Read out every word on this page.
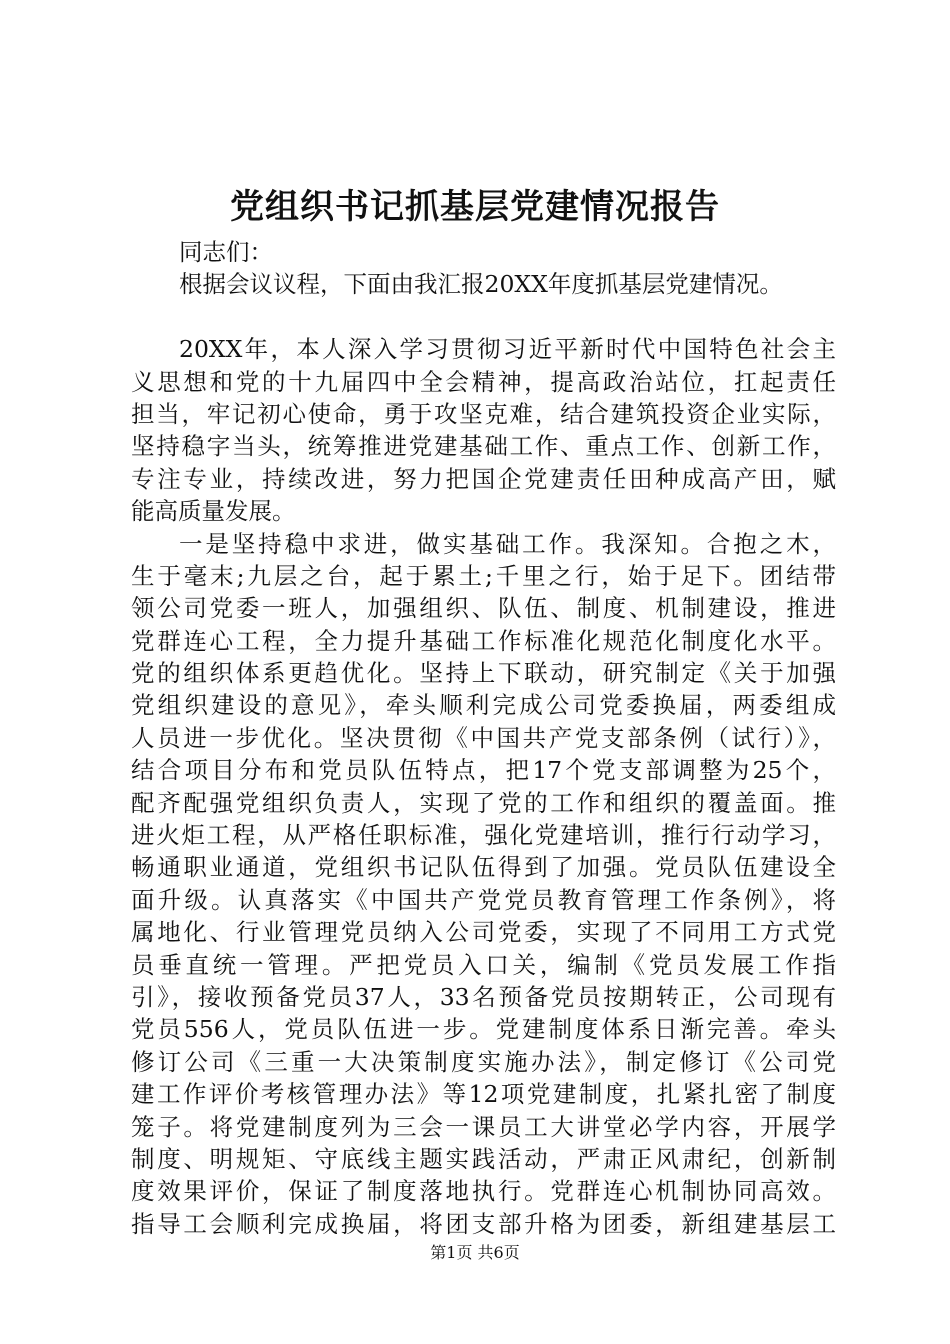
党组织书记抓基层党建情况报告
同志们：
根据会议议程，下面由我汇报20XX年度抓基层党建情况。
20XX年，本人深入学习贯彻习近平新时代中国特色社会主
义思想和党的十九届四中全会精神，提高政治站位，扛起责任
担当，牢记初心使命，勇于攻坚克难，结合建筑投资企业实际，
坚持稳字当头，统筹推进党建基础工作、重点工作、创新工作，
专注专业，持续改进，努力把国企党建责任田种成高产田，赋
能高质量发展。
一是坚持稳中求进，做实基础工作。我深知。合抱之木，
生于毫末;九层之台，起于累土;千里之行，始于足下。团结带
领公司党委一班人，加强组织、队伍、制度、机制建设，推进
党群连心工程，全力提升基础工作标准化规范化制度化水平。
党的组织体系更趋优化。坚持上下联动，研究制定《关于加强
党组织建设的意见》，牵头顺利完成公司党委换届，两委组成
人员进一步优化。坚决贯彻《中国共产党支部条例（试行）》，
结合项目分布和党员队伍特点，把17个党支部调整为25个，
配齐配强党组织负责人，实现了党的工作和组织的覆盖面。推
进火炬工程，从严格任职标准，强化党建培训，推行行动学习，
畅通职业通道，党组织书记队伍得到了加强。党员队伍建设全
面升级。认真落实《中国共产党党员教育管理工作条例》，将
属地化、行业管理党员纳入公司党委，实现了不同用工方式党
员垂直统一管理。严把党员入口关，编制《党员发展工作指
引》，接收预备党员37人，33名预备党员按期转正，公司现有
党员556人，党员队伍进一步。党建制度体系日渐完善。牵头
修订公司《三重一大决策制度实施办法》，制定修订《公司党
建工作评价考核管理办法》等12项党建制度，扎紧扎密了制度
笼子。将党建制度列为三会一课员工大讲堂必学内容，开展学
制度、明规矩、守底线主题实践活动，严肃正风肃纪，创新制
度效果评价，保证了制度落地执行。党群连心机制协同高效。
指导工会顺利完成换届，将团支部升格为团委，新组建基层工
第1页 共6页
